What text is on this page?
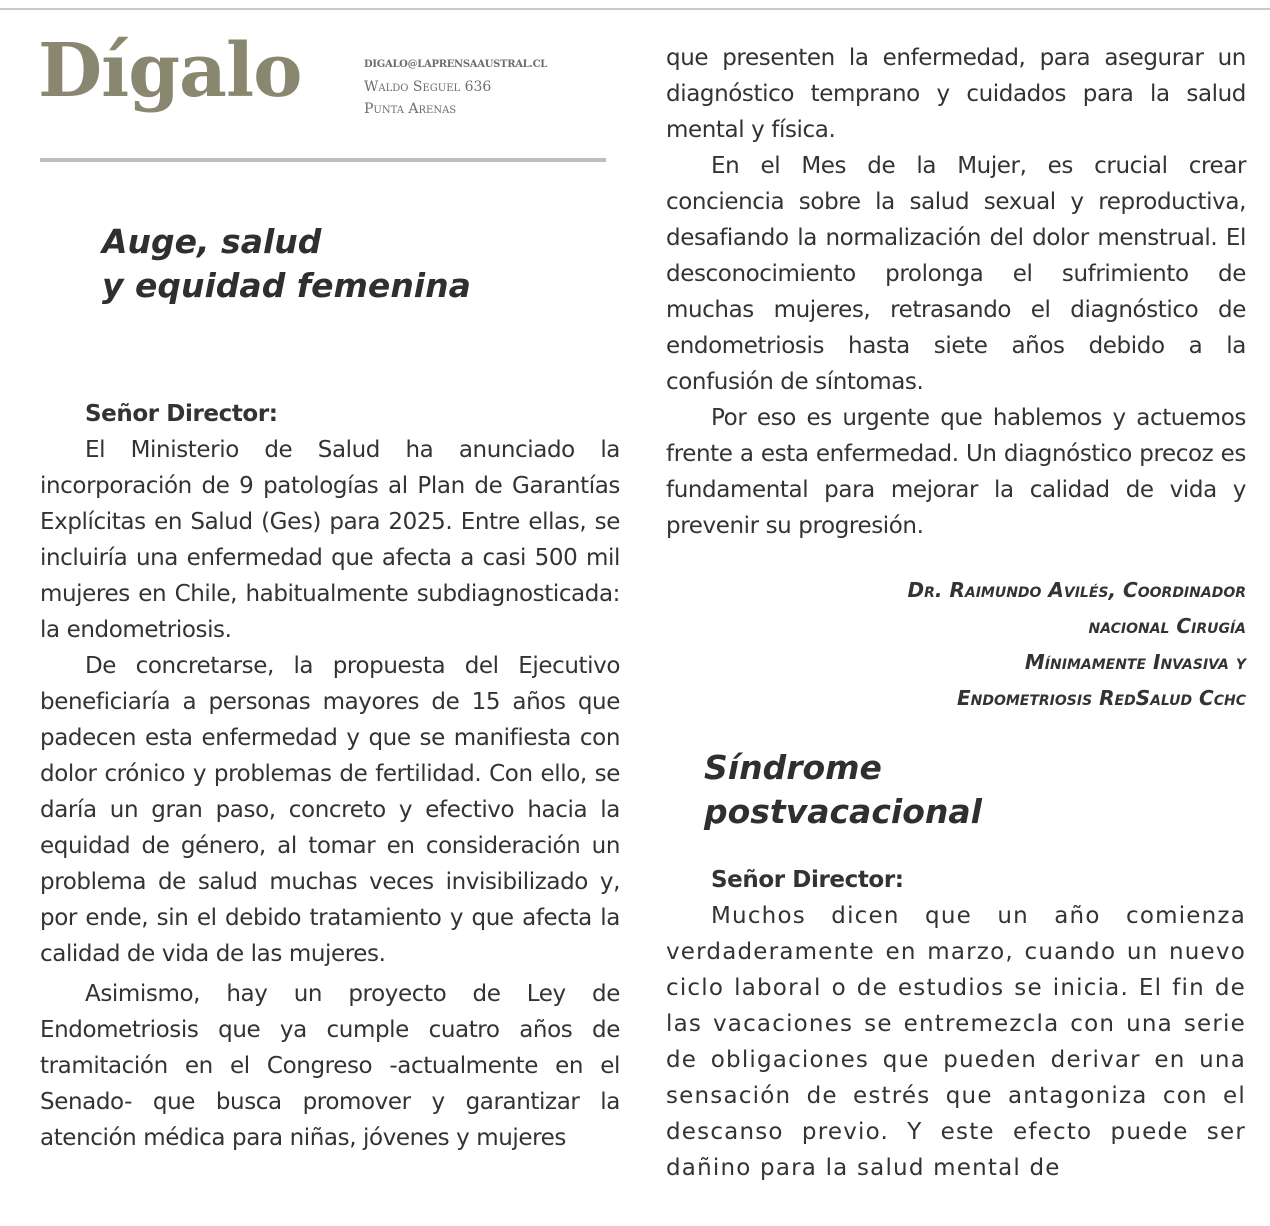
Dígalo	DIGALO@LAPRENSAAUSTRAL.CL
Waldo Seguel 636
Punta Arenas
Auge, salud
y equidad femenina

Señor Director:

El Ministerio de Salud ha anunciado la incorporación de 9 patologías al Plan de Garantías Explícitas en Salud (Ges) para 2025. Entre ellas, se incluiría una enfermedad que afecta a casi 500 mil mujeres en Chile, habitualmente subdiagnosticada: la endometriosis.

De concretarse, la propuesta del Ejecutivo beneficiaría a personas mayores de 15 años que padecen esta enfermedad y que se manifiesta con dolor crónico y problemas de fertilidad. Con ello, se daría un gran paso, concreto y efectivo hacia la equidad de género, al tomar en consideración un problema de salud muchas veces invisibilizado y, por ende, sin el debido tratamiento y que afecta la calidad de vida de las mujeres.

Asimismo, hay un proyecto de Ley de Endometriosis que ya cumple cuatro años de tramitación en el Congreso -actualmente en el Senado- que busca promover y garantizar la atención médica para niñas, jóvenes y mujeres

que presenten la enfermedad, para asegurar un diagnóstico temprano y cuidados para la salud mental y física.

En el Mes de la Mujer, es crucial crear conciencia sobre la salud sexual y reproductiva, desafiando la normalización del dolor menstrual. El desconocimiento prolonga el sufrimiento de muchas mujeres, retrasando el diagnóstico de endometriosis hasta siete años debido a la confusión de síntomas.

Por eso es urgente que hablemos y actuemos frente a esta enfermedad. Un diagnóstico precoz es fundamental para mejorar la calidad de vida y prevenir su progresión.

Dr. Raimundo Avilés, Coordinador
nacional Cirugía
Mínimamente Invasiva y
Endometriosis RedSalud Cchc
Síndrome
postvacacional

Señor Director:

Muchos dicen que un año comienza verdaderamente en marzo, cuando un nuevo ciclo laboral o de estudios se inicia. El fin de las vacaciones se entremezcla con una serie de obligaciones que pueden derivar en una sensación de estrés que antagoniza con el descanso previo. Y este efecto puede ser dañino para la salud mental de
